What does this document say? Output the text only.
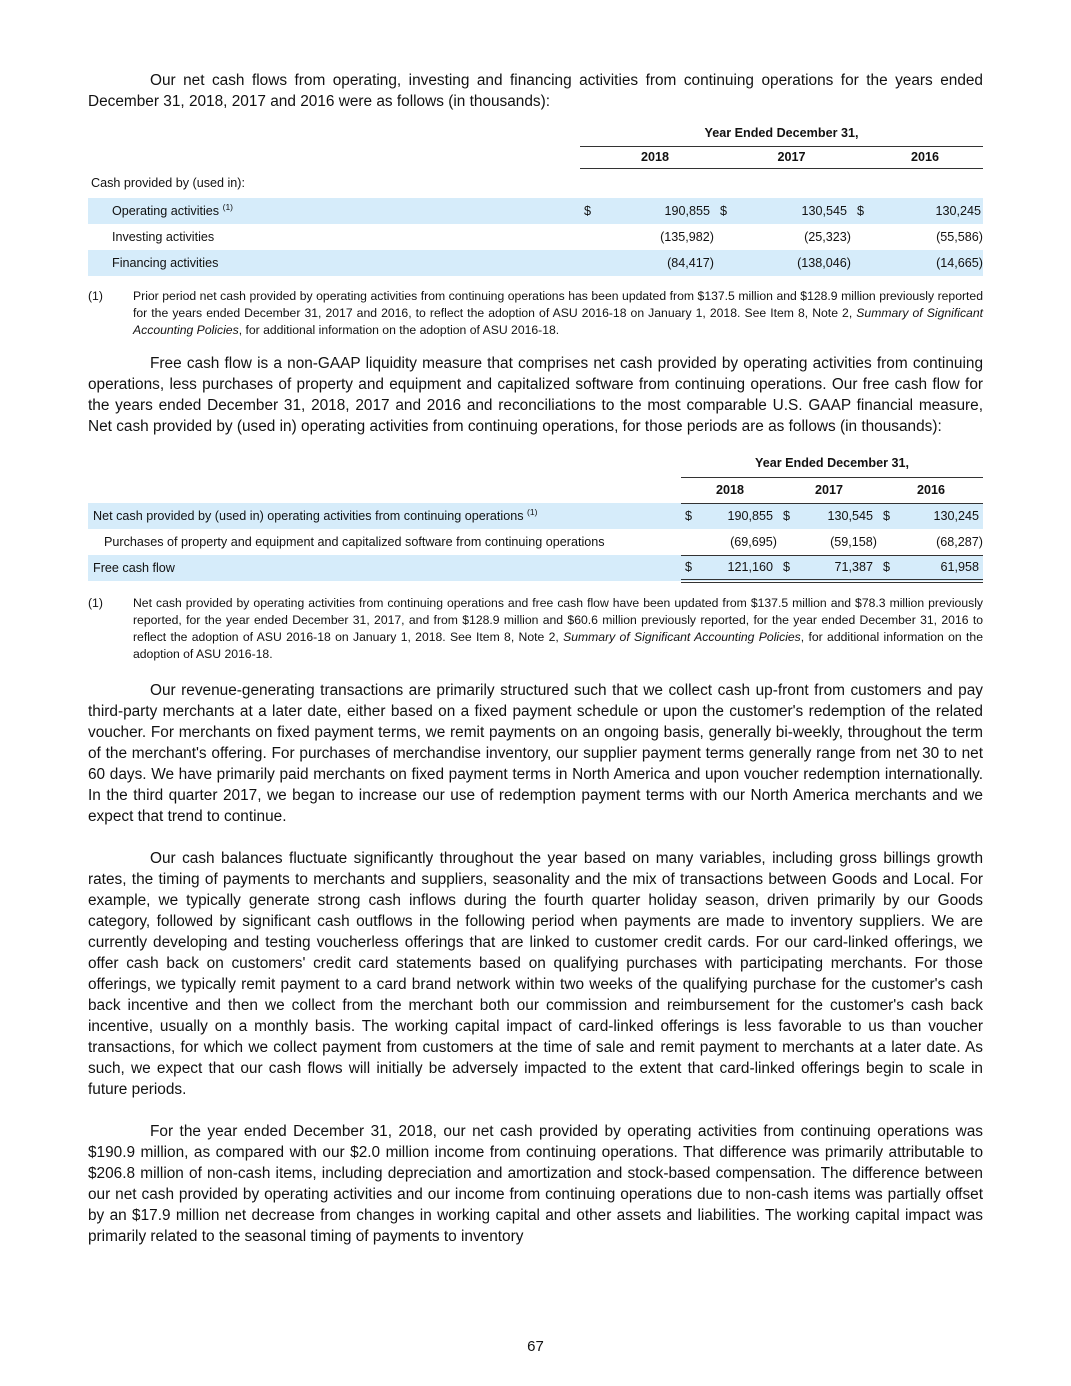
Our net cash flows from operating, investing and financing activities from continuing operations for the years ended December 31, 2018, 2017 and 2016 were as follows (in thousands):

	Year Ended December 31,					
	2018		2017		2016	
Cash provided by (used in):						
Operating activities $^{(1)}$	$	190,855	$	130,545	$	130,245
Investing activities		(135,982)		(25,323)		(55,586)
Financing activities		(84,417)		(138,046)		(14,665)
(1)	Prior period net cash provided by operating activities from continuing operations has been updated from $137.5 million and $128.9 million previously reported for the years ended December 31, 2017 and 2016, to reflect the adoption of ASU 2016-18 on January 1, 2018. See Item 8, Note 2, Summary of Significant Accounting Policies, for additional information on the adoption of ASU 2016-18.

Free cash flow is a non-GAAP liquidity measure that comprises net cash provided by operating activities from continuing operations, less purchases of property and equipment and capitalized software from continuing operations. Our free cash flow for the years ended December 31, 2018, 2017 and 2016 and reconciliations to the most comparable U.S. GAAP financial measure, Net cash provided by (used in) operating activities from continuing operations, for those periods are as follows (in thousands):

	Year Ended December 31,					
	2018		2017		2016	
Net cash provided by (used in) operating activities from continuing operations $^{(1)}$	$	190,855	$	130,545	$	130,245
Purchases of property and equipment and capitalized software from continuing operations		(69,695)		(59,158)		(68,287)
Free cash flow	$	121,160	$	71,387	$	61,958
(1)	Net cash provided by operating activities from continuing operations and free cash flow have been updated from $137.5 million and $78.3 million previously reported, for the year ended December 31, 2017, and from $128.9 million and $60.6 million previously reported, for the year ended December 31, 2016 to reflect the adoption of ASU 2016-18 on January 1, 2018. See Item 8, Note 2, Summary of Significant Accounting Policies, for additional information on the adoption of ASU 2016-18.

Our revenue-generating transactions are primarily structured such that we collect cash up-front from customers and pay third-party merchants at a later date, either based on a fixed payment schedule or upon the customer's redemption of the related voucher. For merchants on fixed payment terms, we remit payments on an ongoing basis, generally bi-weekly, throughout the term of the merchant's offering. For purchases of merchandise inventory, our supplier payment terms generally range from net 30 to net 60 days. We have primarily paid merchants on fixed payment terms in North America and upon voucher redemption internationally. In the third quarter 2017, we began to increase our use of redemption payment terms with our North America merchants and we expect that trend to continue.

Our cash balances fluctuate significantly throughout the year based on many variables, including gross billings growth rates, the timing of payments to merchants and suppliers, seasonality and the mix of transactions between Goods and Local. For example, we typically generate strong cash inflows during the fourth quarter holiday season, driven primarily by our Goods category, followed by significant cash outflows in the following period when payments are made to inventory suppliers. We are currently developing and testing voucherless offerings that are linked to customer credit cards. For our card-linked offerings, we offer cash back on customers' credit card statements based on qualifying purchases with participating merchants. For those offerings, we typically remit payment to a card brand network within two weeks of the qualifying purchase for the customer's cash back incentive and then we collect from the merchant both our commission and reimbursement for the customer's cash back incentive, usually on a monthly basis. The working capital impact of card-linked offerings is less favorable to us than voucher transactions, for which we collect payment from customers at the time of sale and remit payment to merchants at a later date. As such, we expect that our cash flows will initially be adversely impacted to the extent that card-linked offerings begin to scale in future periods.

For the year ended December 31, 2018, our net cash provided by operating activities from continuing operations was $190.9 million, as compared with our $2.0 million income from continuing operations. That difference was primarily attributable to $206.8 million of non-cash items, including depreciation and amortization and stock-based compensation. The difference between our net cash provided by operating activities and our income from continuing operations due to non-cash items was partially offset by an $17.9 million net decrease from changes in working capital and other assets and liabilities. The working capital impact was primarily related to the seasonal timing of payments to inventory

67
